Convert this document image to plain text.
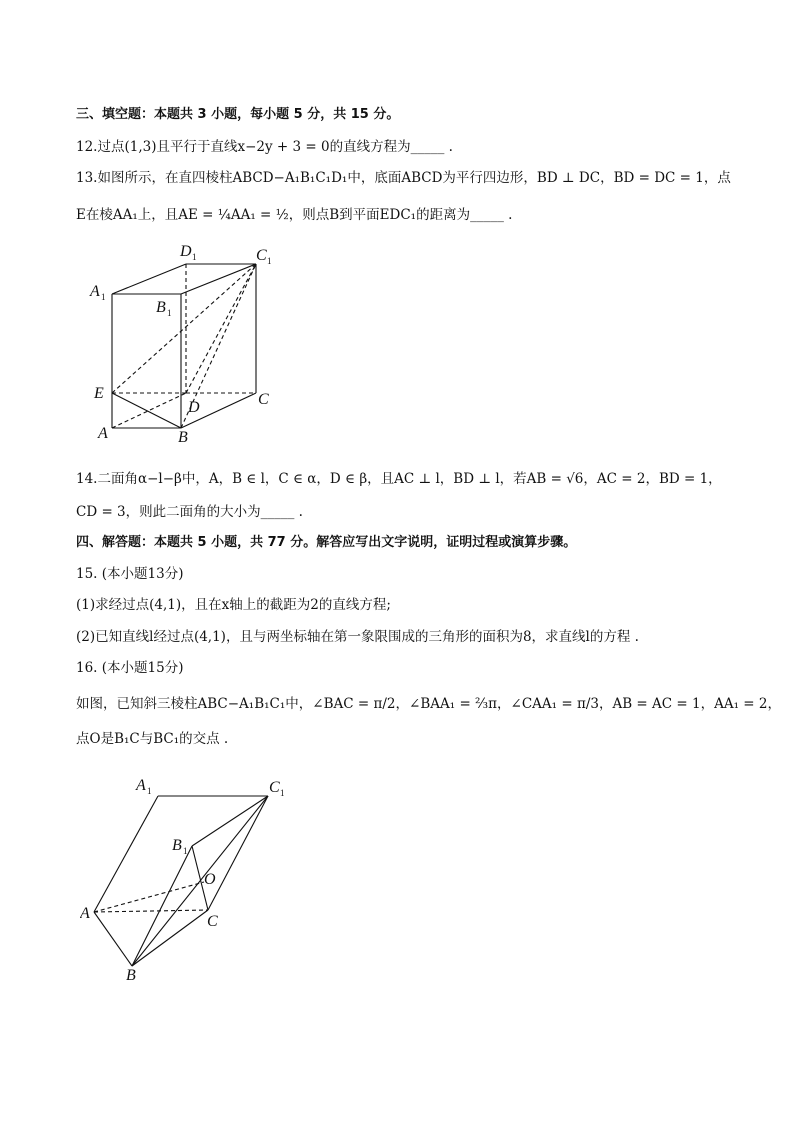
三、填空题：本题共 3 小题，每小题 5 分，共 15 分。
12.过点(1,3)且平行于直线x−2y + 3 = 0的直线方程为_____ .
13.如图所示，在直四棱柱ABCD−A₁B₁C₁D₁中，底面ABCD为平行四边形，BD ⊥ DC，BD = DC = 1，点
E在棱AA₁上，且AE = ¼AA₁ = ½，则点B到平面EDC₁的距离为_____ .
D 1	C 1
A 1
B 1
E
D	C
A	B
14.二面角α−l−β中，A，B ∈ l，C ∈ α，D ∈ β，且AC ⊥ l，BD ⊥ l，若AB = √6，AC = 2，BD = 1，
CD = 3，则此二面角的大小为_____ .
四、解答题：本题共 5 小题，共 77 分。解答应写出文字说明，证明过程或演算步骤。
15. (本小题13分)
(1)求经过点(4,1)，且在x轴上的截距为2的直线方程;
(2)已知直线l经过点(4,1)，且与两坐标轴在第一象限围成的三角形的面积为8，求直线l的方程 .
16. (本小题15分)
如图，已知斜三棱柱ABC−A₁B₁C₁中，∠BAC = π/2，∠BAA₁ = ⅔π，∠CAA₁ = π/3，AB = AC = 1，AA₁ = 2，
点O是B₁C与BC₁的交点 .
A 1	C 1
B 1
O
A	C
B
